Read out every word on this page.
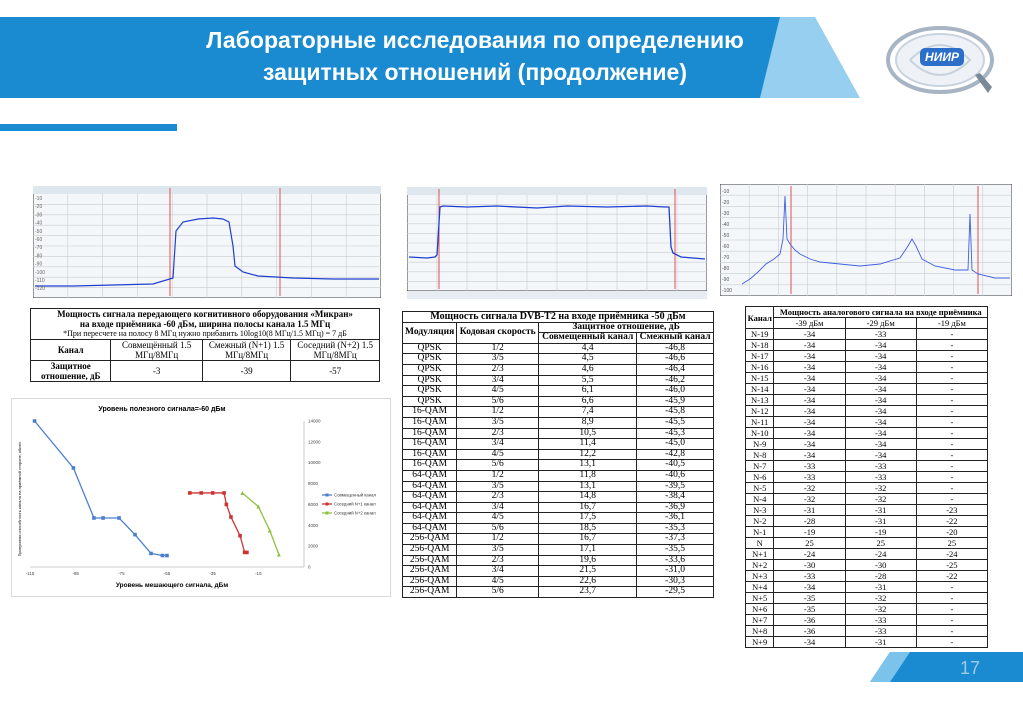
Лабораторные исследования по определению
защитных отношений (продолжение)
НИИР
-10
-20
-30
-40
-50
-60
-70
-80
-90
-100
-110
-120
-10
-20
-30
-40
-50
-60
-70
-80
-90
-100
Мощность сигнала передающего когнитивного оборудования «Микран»
на входе приёмника -60 дБм, ширина полосы канала 1.5 МГц
*При пересчете на полосу 8 МГц нужно прибавить 10log10(8 МГц/1.5 МГц) = 7 дБ			

Канал	Совмещённый 1.5 МГц/8МГц	Смежный (N+1) 1.5 МГц/8МГц	Соседний (N+2) 1.5 МГц/8МГц
Защитное отношение, дБ	-3	-39	-57
Уровень полезного сигнала=-60 дБм
Уровень мешающего сигнала, дБм
Пропускная способность канала на приёмной стороне, кбит/с
-115	-95	-75	-55	-35	-15
0
2000
4000
6000
8000
10000
12000
14000
Совмещенный канал
Соседний N+1 канал
Соседний N+2 канал
Мощность сигнала DVB-T2 на входе приёмника -50 дБм			
Модуляция	Кодовая скорость	Защитное отношение, дБ	
		Совмещенный канал	Смежный канал
QPSK	1/2	4,4	-46,8
QPSK	3/5	4,5	-46,6
QPSK	2/3	4,6	-46,4
QPSK	3/4	5,5	-46,2
QPSK	4/5	6,1	-46,0
QPSK	5/6	6,6	-45,9
16-QAM	1/2	7,4	-45,8
16-QAM	3/5	8,9	-45,5
16-QAM	2/3	10,5	-45,3
16-QAM	3/4	11,4	-45,0
16-QAM	4/5	12,2	-42,8
16-QAM	5/6	13,1	-40,5
64-QAM	1/2	11,8	-40,6
64-QAM	3/5	13,1	-39,5
64-QAM	2/3	14,8	-38,4
64-QAM	3/4	16,7	-36,9
64-QAM	4/5	17,5	-36,1
64-QAM	5/6	18,5	-35,3
256-QAM	1/2	16,7	-37,3
256-QAM	3/5	17,1	-35,5
256-QAM	2/3	19,6	-33,6
256-QAM	3/4	21,5	-31,0
256-QAM	4/5	22,6	-30,3
256-QAM	5/6	23,7	-29,5
Канал	Мощность аналогового сигнала на входе приёмника		
	-39 дБм	-29 дБм	-19 дБм
N-19	-34	-33	-
N-18	-34	-34	-
N-17	-34	-34	-
N-16	-34	-34	-
N-15	-34	-34	-
N-14	-34	-34	-
N-13	-34	-34	-
N-12	-34	-34	-
N-11	-34	-34	-
N-10	-34	-34	-
N-9	-34	-34	-
N-8	-34	-34	-
N-7	-33	-33	-
N-6	-33	-33	-
N-5	-32	-32	-
N-4	-32	-32	-
N-3	-31	-31	-23
N-2	-28	-31	-22
N-1	-19	-19	-20
N	25	25	25
N+1	-24	-24	-24
N+2	-30	-30	-25
N+3	-33	-28	-22
N+4	-34	-31	-
N+5	-35	-32	-
N+6	-35	-32	-
N+7	-36	-33	-
N+8	-36	-33	-
N+9	-34	-31	-
17
